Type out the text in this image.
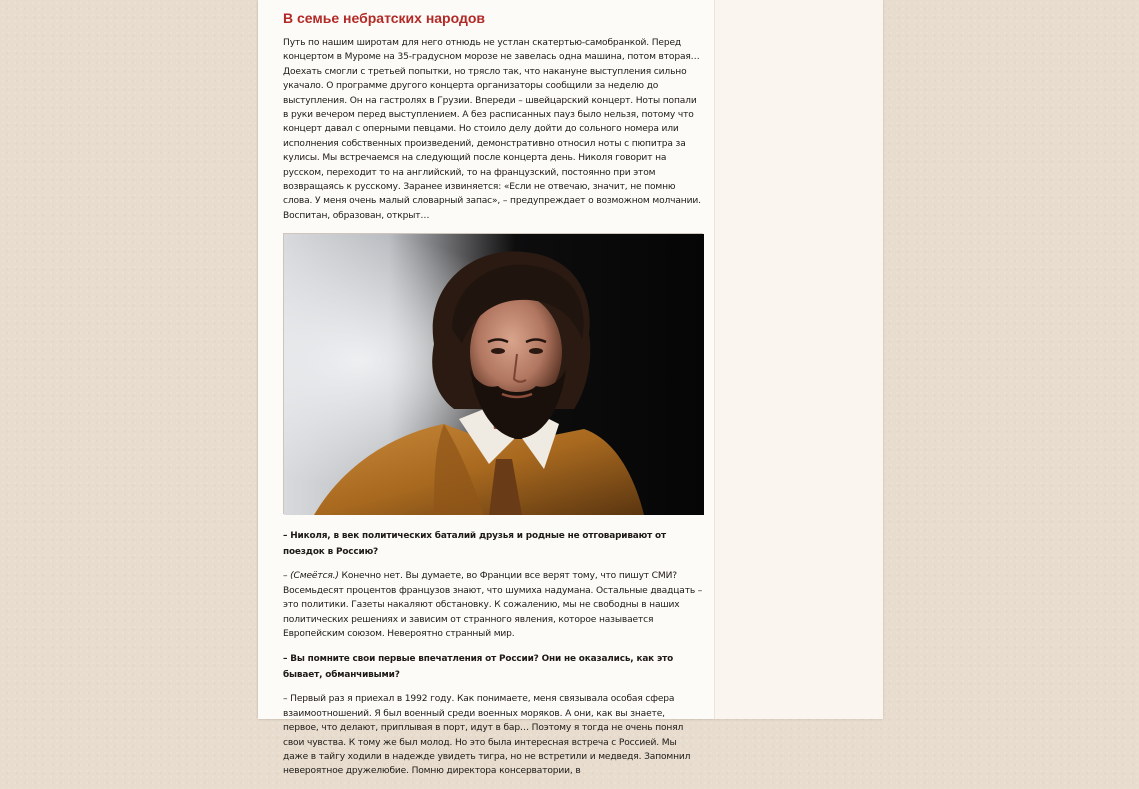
В семье небратских народов

Путь по нашим широтам для него отнюдь не устлан скатертью-самобранкой. Перед концертом в Муроме на 35-градусном морозе не завелась одна машина, потом вторая… Доехать смогли с третьей попытки, но трясло так, что накануне выступления сильно укачало. О программе другого концерта организаторы сообщили за неделю до выступления. Он на гастролях в Грузии. Впереди – швейцарский концерт. Ноты попали в руки вечером перед выступлением. А без расписанных пауз было нельзя, потому что концерт давал с оперными певцами. Но стоило делу дойти до сольного номера или исполнения собственных произведений, демонстративно относил ноты с пюпитра за кулисы. Мы встречаемся на следующий после концерта день. Николя говорит на русском, переходит то на английский, то на французский, постоянно при этом возвращаясь к русскому. Заранее извиняется: «Если не отвечаю, значит, не помню слова. У меня очень малый словарный запас», – предупреждает о возможном молчании. Воспитан, образован, открыт…

– Николя, в век политических баталий друзья и родные не отговаривают от поездок в Россию?

– (Смеётся.) Конечно нет. Вы думаете, во Франции все верят тому, что пишут СМИ? Восемьдесят процентов французов знают, что шумиха надумана. Остальные двадцать – это политики. Газеты накаляют обстановку. К сожалению, мы не свободны в наших политических решениях и зависим от странного явления, которое называется Европейским союзом. Невероятно странный мир.

– Вы помните свои первые впечатления от России? Они не оказались, как это бывает, обманчивыми?

– Первый раз я приехал в 1992 году. Как понимаете, меня связывала особая сфера взаимоотношений. Я был военный среди военных моряков. А они, как вы знаете, первое, что делают, приплывая в порт, идут в бар… Поэтому я тогда не очень понял свои чувства. К тому же был молод. Но это была интересная встреча с Россией. Мы даже в тайгу ходили в надежде увидеть тигра, но не встретили и медведя. Запомнил невероятное дружелюбие. Помню директора консерватории, в
